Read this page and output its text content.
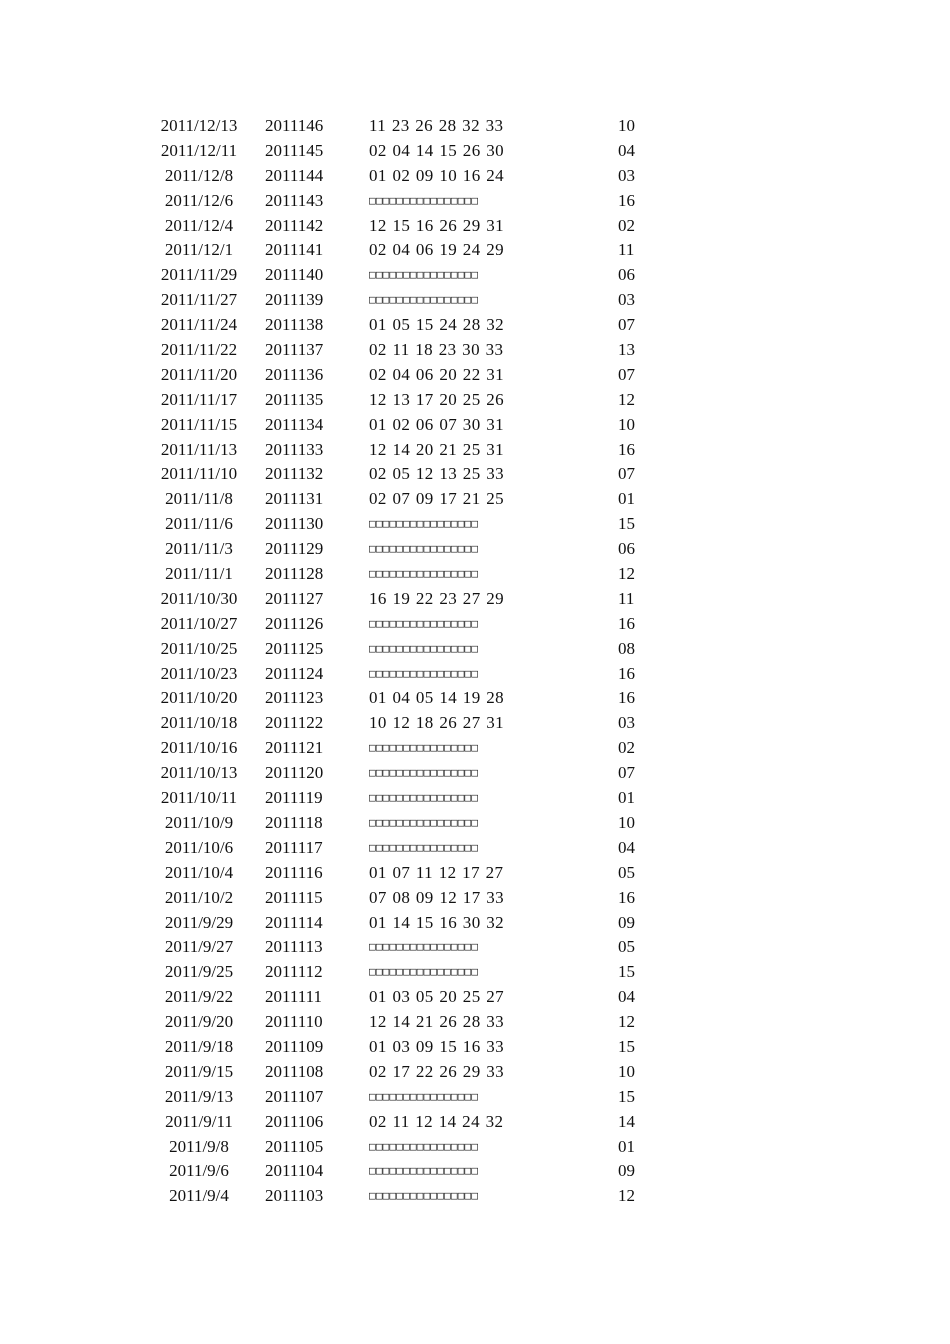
2011/12/13	2011146	11 23 26 28 32 33	10
2011/12/11	2011145	02 04 14 15 26 30	04
2011/12/8	2011144	01 02 09 10 16 24	03
2011/12/6	2011143	□□□□□□□□□□□□□□□□	16
2011/12/4	2011142	12 15 16 26 29 31	02
2011/12/1	2011141	02 04 06 19 24 29	11
2011/11/29	2011140	□□□□□□□□□□□□□□□□	06
2011/11/27	2011139	□□□□□□□□□□□□□□□□	03
2011/11/24	2011138	01 05 15 24 28 32	07
2011/11/22	2011137	02 11 18 23 30 33	13
2011/11/20	2011136	02 04 06 20 22 31	07
2011/11/17	2011135	12 13 17 20 25 26	12
2011/11/15	2011134	01 02 06 07 30 31	10
2011/11/13	2011133	12 14 20 21 25 31	16
2011/11/10	2011132	02 05 12 13 25 33	07
2011/11/8	2011131	02 07 09 17 21 25	01
2011/11/6	2011130	□□□□□□□□□□□□□□□□	15
2011/11/3	2011129	□□□□□□□□□□□□□□□□	06
2011/11/1	2011128	□□□□□□□□□□□□□□□□	12
2011/10/30	2011127	16 19 22 23 27 29	11
2011/10/27	2011126	□□□□□□□□□□□□□□□□	16
2011/10/25	2011125	□□□□□□□□□□□□□□□□	08
2011/10/23	2011124	□□□□□□□□□□□□□□□□	16
2011/10/20	2011123	01 04 05 14 19 28	16
2011/10/18	2011122	10 12 18 26 27 31	03
2011/10/16	2011121	□□□□□□□□□□□□□□□□	02
2011/10/13	2011120	□□□□□□□□□□□□□□□□	07
2011/10/11	2011119	□□□□□□□□□□□□□□□□	01
2011/10/9	2011118	□□□□□□□□□□□□□□□□	10
2011/10/6	2011117	□□□□□□□□□□□□□□□□	04
2011/10/4	2011116	01 07 11 12 17 27	05
2011/10/2	2011115	07 08 09 12 17 33	16
2011/9/29	2011114	01 14 15 16 30 32	09
2011/9/27	2011113	□□□□□□□□□□□□□□□□	05
2011/9/25	2011112	□□□□□□□□□□□□□□□□	15
2011/9/22	2011111	01 03 05 20 25 27	04
2011/9/20	2011110	12 14 21 26 28 33	12
2011/9/18	2011109	01 03 09 15 16 33	15
2011/9/15	2011108	02 17 22 26 29 33	10
2011/9/13	2011107	□□□□□□□□□□□□□□□□	15
2011/9/11	2011106	02 11 12 14 24 32	14
2011/9/8	2011105	□□□□□□□□□□□□□□□□	01
2011/9/6	2011104	□□□□□□□□□□□□□□□□	09
2011/9/4	2011103	□□□□□□□□□□□□□□□□	12
